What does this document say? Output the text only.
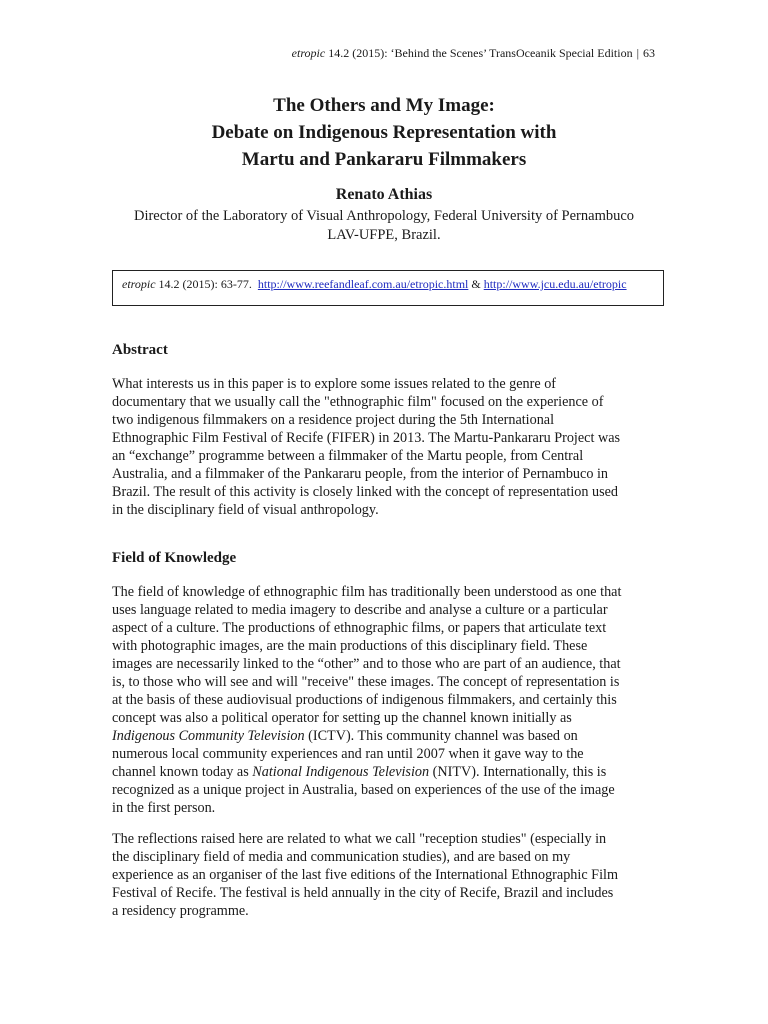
etropic 14.2 (2015): ‘Behind the Scenes’ TransOceanik Special Edition | 63
The Others and My Image:
Debate on Indigenous Representation with
Martu and Pankararu Filmmakers
Renato Athias
Director of the Laboratory of Visual Anthropology, Federal University of Pernambuco
LAV-UFPE, Brazil.
etropic 14.2 (2015): 63-77. http://www.reefandleaf.com.au/etropic.html & http://www.jcu.edu.au/etropic
Abstract
What interests us in this paper is to explore some issues related to the genre of
documentary that we usually call the "ethnographic film" focused on the experience of
two indigenous filmmakers on a residence project during the 5th International
Ethnographic Film Festival of Recife (FIFER) in 2013. The Martu-Pankararu Project was
an “exchange” programme between a filmmaker of the Martu people, from Central
Australia, and a filmmaker of the Pankararu people, from the interior of Pernambuco in
Brazil. The result of this activity is closely linked with the concept of representation used
in the disciplinary field of visual anthropology.
Field of Knowledge
The field of knowledge of ethnographic film has traditionally been understood as one that
uses language related to media imagery to describe and analyse a culture or a particular
aspect of a culture. The productions of ethnographic films, or papers that articulate text
with photographic images, are the main productions of this disciplinary field. These
images are necessarily linked to the “other” and to those who are part of an audience, that
is, to those who will see and will "receive" these images. The concept of representation is
at the basis of these audiovisual productions of indigenous filmmakers, and certainly this
concept was also a political operator for setting up the channel known initially as
Indigenous Community Television (ICTV). This community channel was based on
numerous local community experiences and ran until 2007 when it gave way to the
channel known today as National Indigenous Television (NITV). Internationally, this is
recognized as a unique project in Australia, based on experiences of the use of the image
in the first person.
The reflections raised here are related to what we call "reception studies" (especially in
the disciplinary field of media and communication studies), and are based on my
experience as an organiser of the last five editions of the International Ethnographic Film
Festival of Recife. The festival is held annually in the city of Recife, Brazil and includes
a residency programme.
